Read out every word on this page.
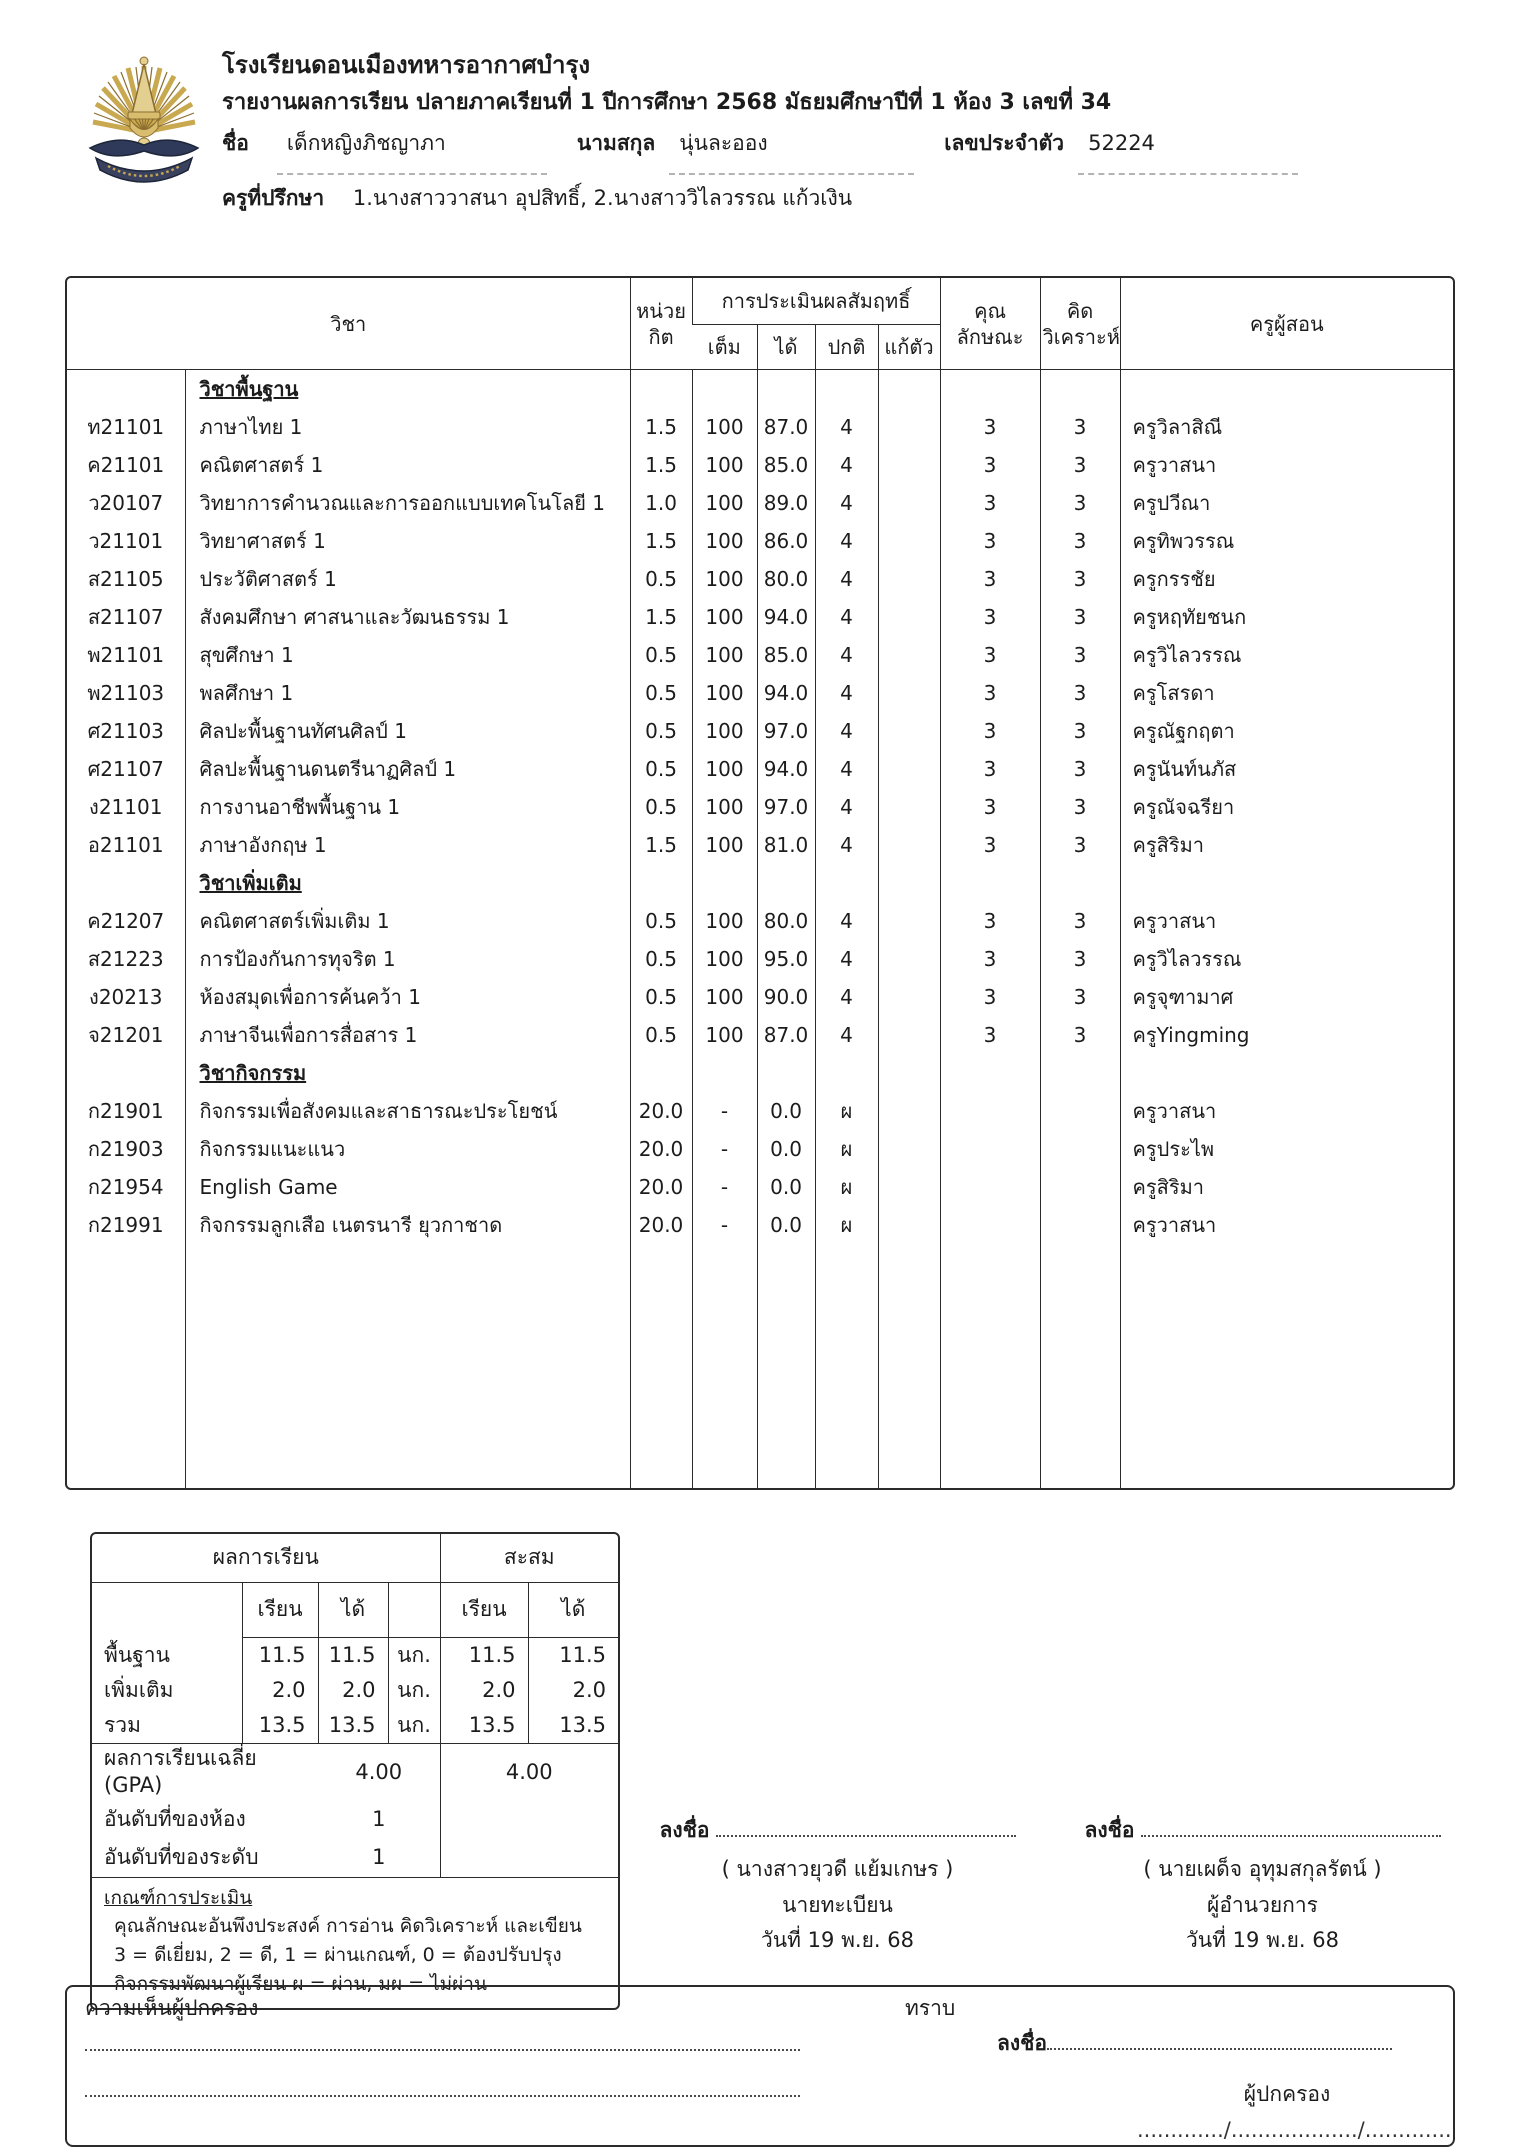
โรงเรียนดอนเมืองทหารอากาศบำรุง
รายงานผลการเรียน ปลายภาคเรียนที่ 1 ปีการศึกษา 2568 มัธยมศึกษาปีที่ 1 ห้อง 3 เลขที่ 34
ชื่อ	เด็กหญิงภิชญาภา	นามสกุล	นุ่นละออง	เลขประจำตัว	52224
ครูที่ปรึกษา 1.นางสาววาสนา อุปสิทธิ์, 2.นางสาววิไลวรรณ แก้วเงิน
วิชา	
หน่วย
กิต
	การประเมินผลสัมฤทธิ์	คุณ
ลักษณะ

คิด
วิเคราะห์
	ครูผู้สอน
			เต็ม	ได้	ปกติ	แก้ตัว			
	วิชาพื้นฐาน								
ท21101	ภาษาไทย 1	1.5	100	87.0	4		3	3	ครูวิลาสิณี
ค21101	คณิตศาสตร์ 1	1.5	100	85.0	4		3	3	ครูวาสนา
ว20107	วิทยาการคำนวณและการออกแบบเทคโนโลยี 1	1.0	100	89.0	4		3	3	ครูปวีณา
ว21101	วิทยาศาสตร์ 1	1.5	100	86.0	4		3	3	ครูทิพวรรณ
ส21105	ประวัติศาสตร์ 1	0.5	100	80.0	4		3	3	ครูกรรชัย
ส21107	สังคมศึกษา ศาสนาและวัฒนธรรม 1	1.5	100	94.0	4		3	3	ครูหฤทัยชนก
พ21101	สุขศึกษา 1	0.5	100	85.0	4		3	3	ครูวิไลวรรณ
พ21103	พลศึกษา 1	0.5	100	94.0	4		3	3	ครูโสรดา
ศ21103	ศิลปะพื้นฐานทัศนศิลป์ 1	0.5	100	97.0	4		3	3	ครูณัฐกฤตา
ศ21107	ศิลปะพื้นฐานดนตรีนาฏศิลป์ 1	0.5	100	94.0	4		3	3	ครูนันท์นภัส
ง21101	การงานอาชีพพื้นฐาน 1	0.5	100	97.0	4		3	3	ครูณัจฉรียา
อ21101	ภาษาอังกฤษ 1	1.5	100	81.0	4		3	3	ครูสิริมา
	วิชาเพิ่มเติม								
ค21207	คณิตศาสตร์เพิ่มเติม 1	0.5	100	80.0	4		3	3	ครูวาสนา
ส21223	การป้องกันการทุจริต 1	0.5	100	95.0	4		3	3	ครูวิไลวรรณ
ง20213	ห้องสมุดเพื่อการค้นคว้า 1	0.5	100	90.0	4		3	3	ครูจุฑามาศ
จ21201	ภาษาจีนเพื่อการสื่อสาร 1	0.5	100	87.0	4		3	3	ครูYingming
	วิชากิจกรรม								
ก21901	กิจกรรมเพื่อสังคมและสาธารณะประโยชน์	20.0	-	0.0	ผ				ครูวาสนา
ก21903	กิจกรรมแนะแนว	20.0	-	0.0	ผ				ครูประไพ
ก21954	English Game	20.0	-	0.0	ผ				ครูสิริมา
ก21991	กิจกรรมลูกเสือ เนตรนารี ยุวกาชาด	20.0	-	0.0	ผ				ครูวาสนา

ผลการเรียน				สะสม	
	เรียน	ได้		เรียน	ได้
พื้นฐาน	11.5	11.5	นก.	11.5	11.5
เพิ่มเติม	2.0	2.0	นก.	2.0	2.0
รวม	13.5	13.5	นก.	13.5	13.5
ผลการเรียนเฉลี่ย (GPA)		4.00		4.00	
อันดับที่ของห้อง		1			
อันดับที่ของระดับ		1			

เกณฑ์การประเมิน
คุณลักษณะอันพึงประสงค์ การอ่าน คิดวิเคราะห์ และเขียน
3 = ดีเยี่ยม, 2 = ดี, 1 = ผ่านเกณฑ์, 0 = ต้องปรับปรุง
กิจกรรมพัฒนาผู้เรียน ผ = ผ่าน, มผ = ไม่ผ่าน					
ลงชื่อ
( นางสาวยุวดี แย้มเกษร )
นายทะเบียน
วันที่ 19 พ.ย. 68
ลงชื่อ
( นายเผด็จ อุทุมสกุลรัตน์ )
ผู้อำนวยการ
วันที่ 19 พ.ย. 68
ความเห็นผู้ปกครอง	ทราบ
ลงชื่อ
ผู้ปกครอง
............./.................../.............
